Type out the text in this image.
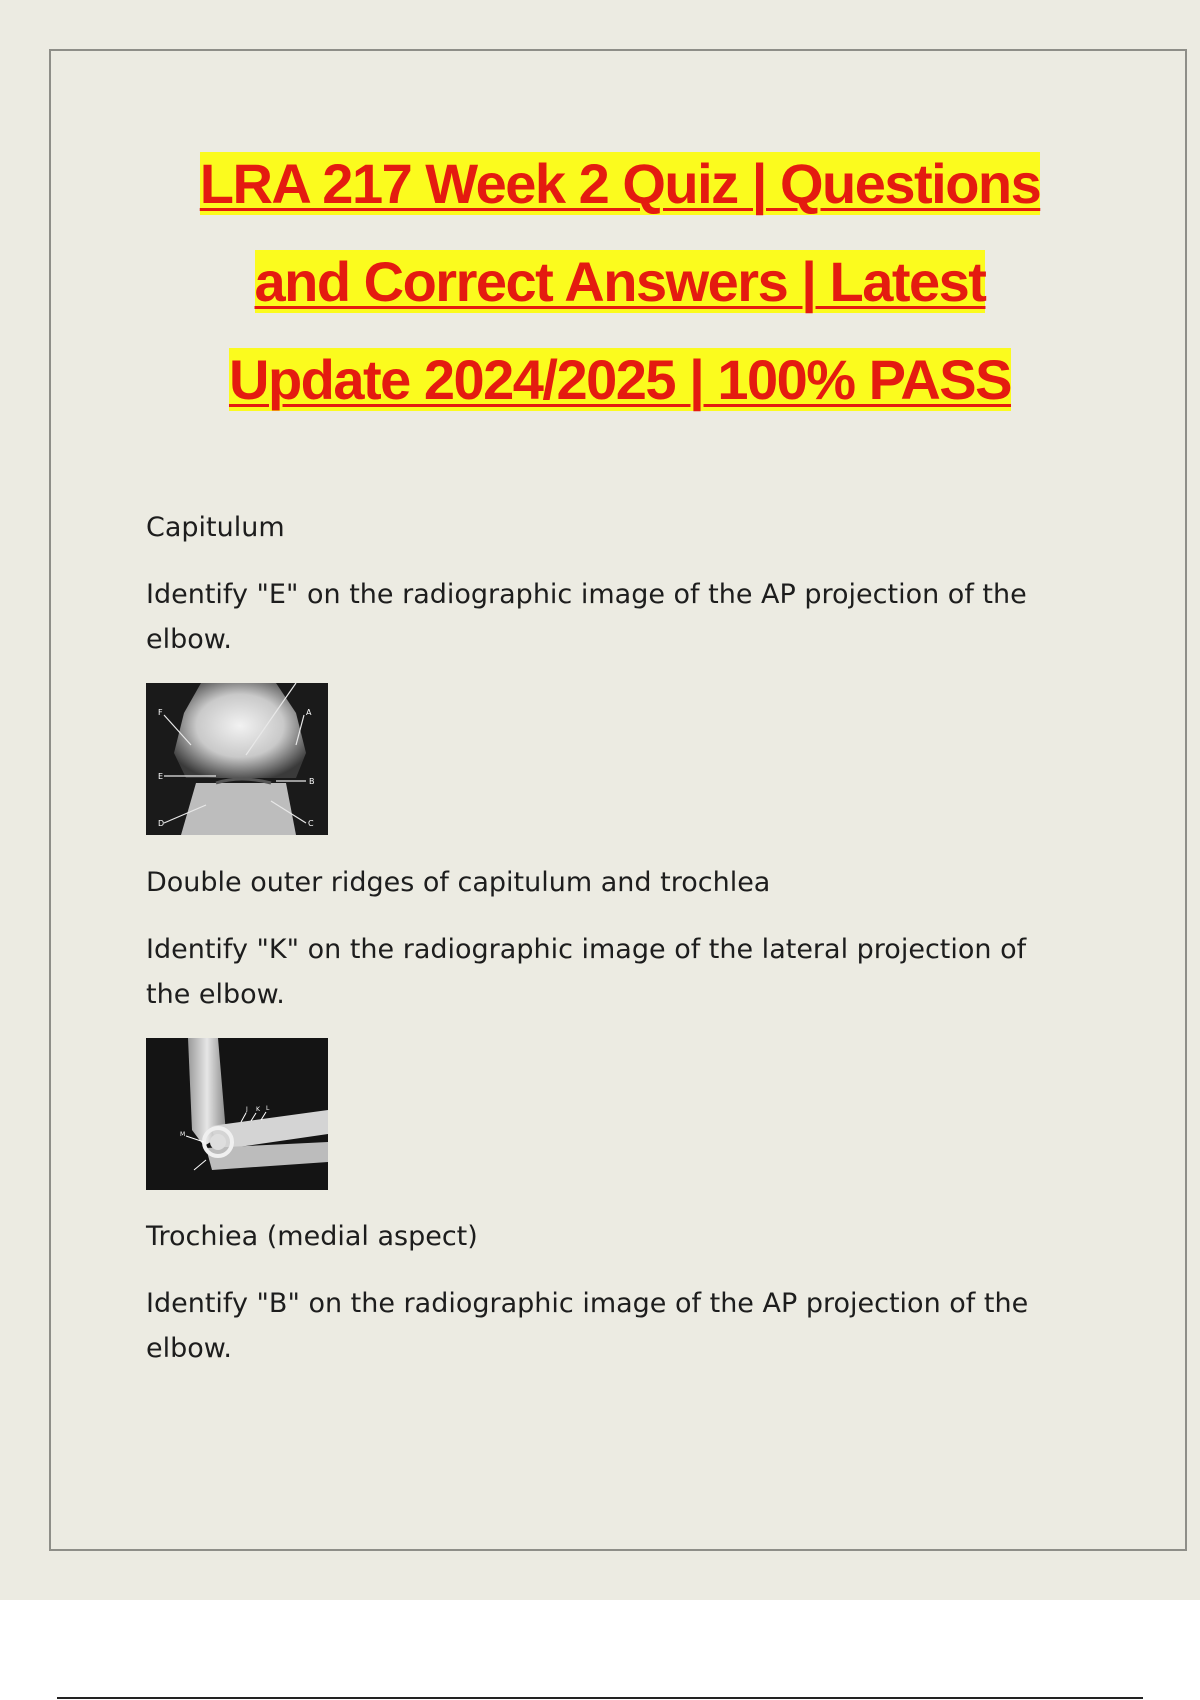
LRA 217 Week 2 Quiz | Questions
and Correct Answers | Latest
Update 2024/2025 | 100% PASS

Capitulum

Identify "E" on the radiographic image of the AP projection of the elbow.

F	A
E
B
D	C

Double outer ridges of capitulum and trochlea

Identify "K" on the radiographic image of the lateral projection of the elbow.

J K L
M

Trochiea (medial aspect)

Identify "B" on the radiographic image of the AP projection of the elbow.
